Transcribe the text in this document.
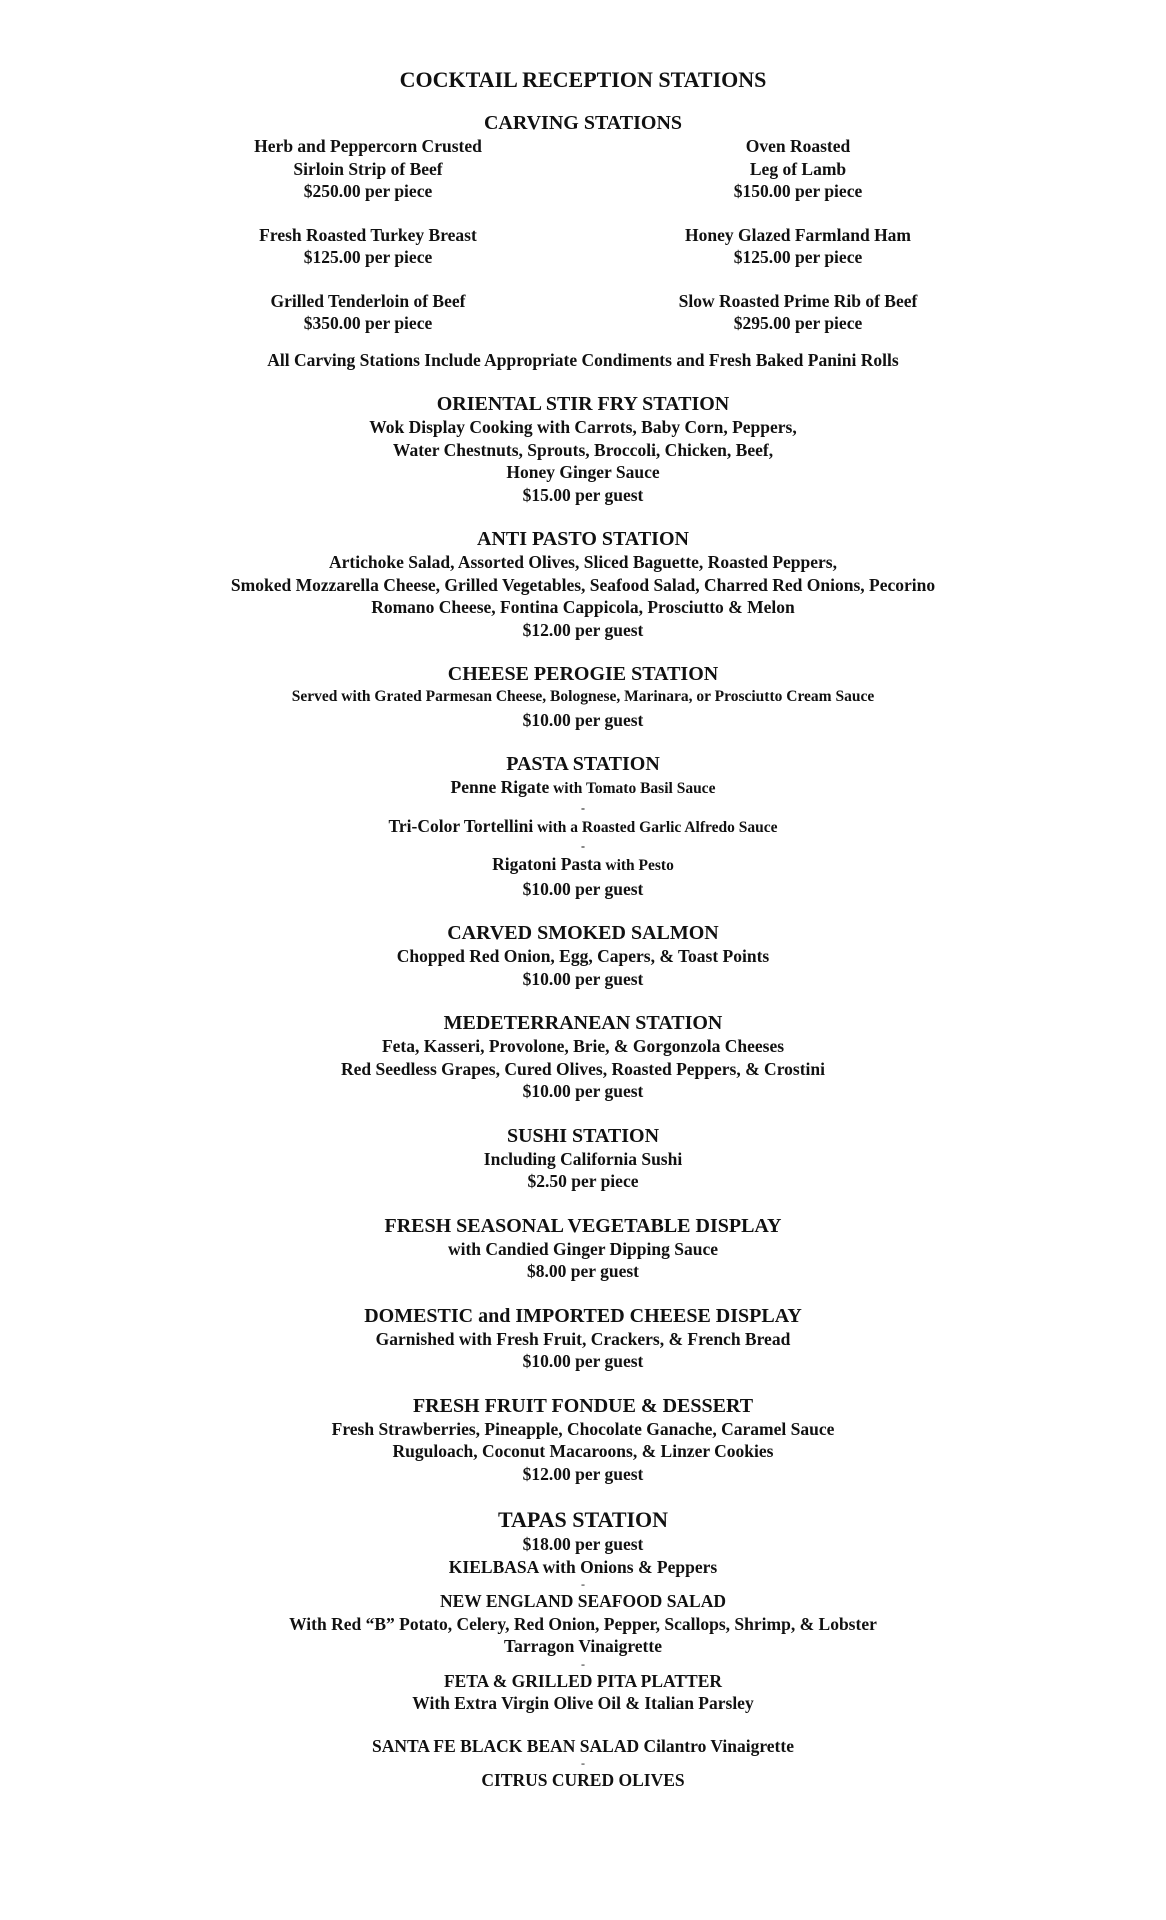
COCKTAIL RECEPTION STATIONS
CARVING STATIONS
Herb and Peppercorn Crusted
Sirloin Strip of Beef
$250.00 per piece
Fresh Roasted Turkey Breast
$125.00 per piece
Grilled Tenderloin of Beef
$350.00 per piece
Oven Roasted
Leg of Lamb
$150.00 per piece
Honey Glazed Farmland Ham
$125.00 per piece
Slow Roasted Prime Rib of Beef
$295.00 per piece
All Carving Stations Include Appropriate Condiments and Fresh Baked Panini Rolls
ORIENTAL STIR FRY STATION
Wok Display Cooking with Carrots, Baby Corn, Peppers,
Water Chestnuts, Sprouts, Broccoli, Chicken, Beef,
Honey Ginger Sauce
$15.00 per guest
ANTI PASTO STATION
Artichoke Salad, Assorted Olives, Sliced Baguette, Roasted Peppers,
Smoked Mozzarella Cheese, Grilled Vegetables, Seafood Salad, Charred Red Onions, Pecorino
Romano Cheese, Fontina Cappicola, Prosciutto & Melon
$12.00 per guest
CHEESE PEROGIE STATION
Served with Grated Parmesan Cheese, Bolognese, Marinara, or Prosciutto Cream Sauce
$10.00 per guest
PASTA STATION
Penne Rigate with Tomato Basil Sauce
-
Tri-Color Tortellini with a Roasted Garlic Alfredo Sauce
-
Rigatoni Pasta with Pesto
$10.00 per guest
CARVED SMOKED SALMON
Chopped Red Onion, Egg, Capers, & Toast Points
$10.00 per guest
MEDETERRANEAN STATION
Feta, Kasseri, Provolone, Brie, & Gorgonzola Cheeses
Red Seedless Grapes, Cured Olives, Roasted Peppers, & Crostini
$10.00 per guest
SUSHI STATION
Including California Sushi
$2.50 per piece
FRESH SEASONAL VEGETABLE DISPLAY
with Candied Ginger Dipping Sauce
$8.00 per guest
DOMESTIC and IMPORTED CHEESE DISPLAY
Garnished with Fresh Fruit, Crackers, & French Bread
$10.00 per guest
FRESH FRUIT FONDUE & DESSERT
Fresh Strawberries, Pineapple, Chocolate Ganache, Caramel Sauce
Ruguloach, Coconut Macaroons, & Linzer Cookies
$12.00 per guest
TAPAS STATION
$18.00 per guest
KIELBASA with Onions & Peppers
-
NEW ENGLAND SEAFOOD SALAD
With Red “B” Potato, Celery, Red Onion, Pepper, Scallops, Shrimp, & Lobster
Tarragon Vinaigrette
-
FETA & GRILLED PITA PLATTER
With Extra Virgin Olive Oil & Italian Parsley
SANTA FE BLACK BEAN SALAD Cilantro Vinaigrette
-
CITRUS CURED OLIVES
